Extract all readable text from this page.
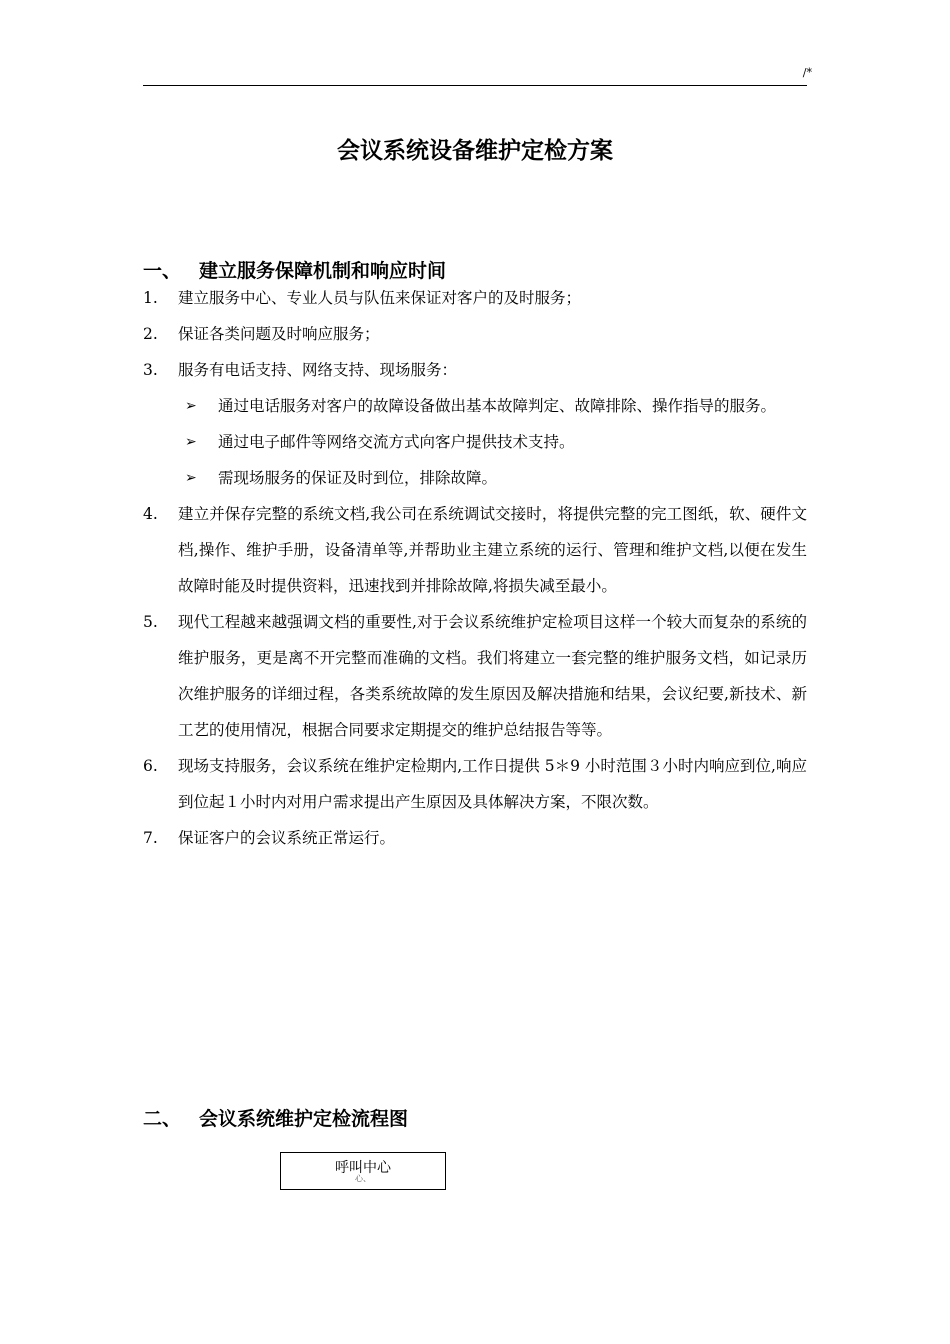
/*
会议系统设备维护定检方案
一、 建立服务保障机制和响应时间
1.	建立服务中心、专业人员与队伍来保证对客户的及时服务；
2.	保证各类问题及时响应服务；
3.	服务有电话支持、网络支持、现场服务：
➢ 通过电话服务对客户的故障设备做出基本故障判定、故障排除、操作指导的服务。
➢ 通过电子邮件等网络交流方式向客户提供技术支持。
➢ 需现场服务的保证及时到位，排除故障。
4.	建立并保存完整的系统文档,我公司在系统调试交接时，将提供完整的完工图纸，软、硬件文档,操作、维护手册，设备清单等,并帮助业主建立系统的运行、管理和维护文档,以便在发生故障时能及时提供资料，迅速找到并排除故障,将损失减至最小。
5.	现代工程越来越强调文档的重要性,对于会议系统维护定检项目这样一个较大而复杂的系统的维护服务，更是离不开完整而准确的文档。我们将建立一套完整的维护服务文档，如记录历次维护服务的详细过程，各类系统故障的发生原因及解决措施和结果，会议纪要,新技术、新工艺的使用情况，根据合同要求定期提交的维护总结报告等等。
6.	现场支持服务，会议系统在维护定检期内,工作日提供 5＊9 小时范围３小时内响应到位,响应到位起１小时内对用户需求提出产生原因及具体解决方案，不限次数。
7.	保证客户的会议系统正常运行。
二、 会议系统维护定检流程图
呼叫中心
心、
